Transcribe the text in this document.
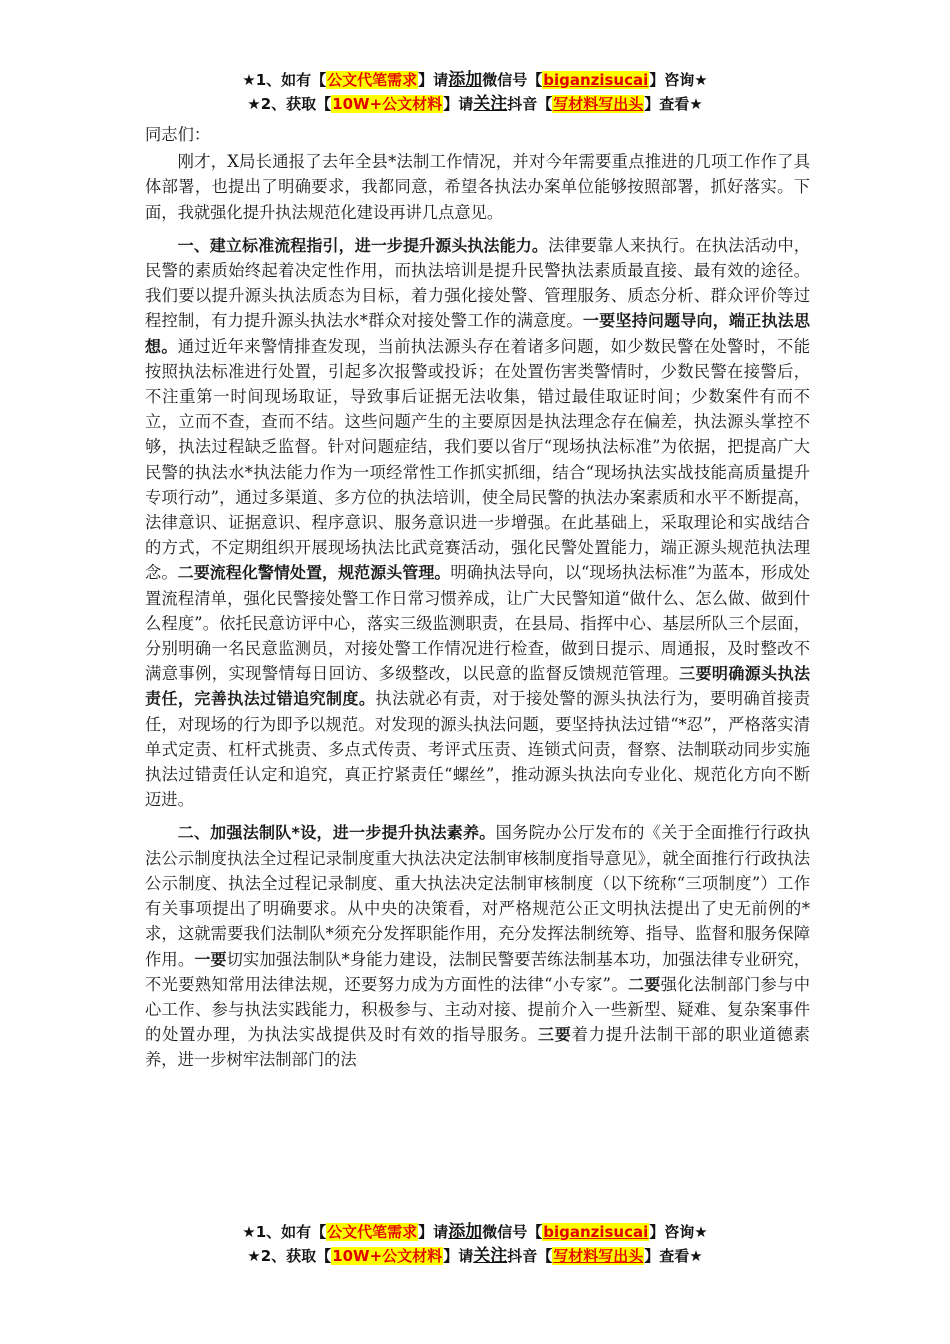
★1、如有【公文代笔需求】请添加微信号【biganzisucai】咨询★
★2、获取【10W+公文材料】请关注抖音【写材料写出头】查看★

同志们：

刚才，X局长通报了去年全县*法制工作情况，并对今年需要重点推进的几项工作作了具体部署，也提出了明确要求，我都同意，希望各执法办案单位能够按照部署，抓好落实。下面，我就强化提升执法规范化建设再讲几点意见。

一、建立标准流程指引，进一步提升源头执法能力。法律要靠人来执行。在执法活动中，民警的素质始终起着决定性作用，而执法培训是提升民警执法素质最直接、最有效的途径。我们要以提升源头执法质态为目标，着力强化接处警、管理服务、质态分析、群众评价等过程控制，有力提升源头执法水*群众对接处警工作的满意度。一要坚持问题导向，端正执法思想。通过近年来警情排查发现，当前执法源头存在着诸多问题，如少数民警在处警时，不能按照执法标准进行处置，引起多次报警或投诉；在处置伤害类警情时，少数民警在接警后，不注重第一时间现场取证，导致事后证据无法收集，错过最佳取证时间；少数案件有而不立，立而不查，查而不结。这些问题产生的主要原因是执法理念存在偏差，执法源头掌控不够，执法过程缺乏监督。针对问题症结，我们要以省厅“现场执法标准”为依据，把提高广大民警的执法水*执法能力作为一项经常性工作抓实抓细，结合“现场执法实战技能高质量提升专项行动”，通过多渠道、多方位的执法培训，使全局民警的执法办案素质和水平不断提高，法律意识、证据意识、程序意识、服务意识进一步增强。在此基础上，采取理论和实战结合的方式，不定期组织开展现场执法比武竞赛活动，强化民警处置能力，端正源头规范执法理念。二要流程化警情处置，规范源头管理。明确执法导向，以“现场执法标准”为蓝本，形成处置流程清单，强化民警接处警工作日常习惯养成，让广大民警知道“做什么、怎么做、做到什么程度”。依托民意访评中心，落实三级监测职责，在县局、指挥中心、基层所队三个层面，分别明确一名民意监测员，对接处警工作情况进行检查，做到日提示、周通报，及时整改不满意事例，实现警情每日回访、多级整改，以民意的监督反馈规范管理。三要明确源头执法责任，完善执法过错追究制度。执法就必有责，对于接处警的源头执法行为，要明确首接责任，对现场的行为即予以规范。对发现的源头执法问题，要坚持执法过错“*忍”，严格落实清单式定责、杠杆式挑责、多点式传责、考评式压责、连锁式问责，督察、法制联动同步实施执法过错责任认定和追究，真正拧紧责任“螺丝”，推动源头执法向专业化、规范化方向不断迈进。

二、加强法制队*设，进一步提升执法素养。国务院办公厅发布的《关于全面推行行政执法公示制度执法全过程记录制度重大执法决定法制审核制度指导意见》，就全面推行行政执法公示制度、执法全过程记录制度、重大执法决定法制审核制度（以下统称“三项制度”）工作有关事项提出了明确要求。从中央的决策看，对严格规范公正文明执法提出了史无前例的*求，这就需要我们法制队*须充分发挥职能作用，充分发挥法制统筹、指导、监督和服务保障作用。一要切实加强法制队*身能力建设，法制民警要苦练法制基本功，加强法律专业研究，不光要熟知常用法律法规，还要努力成为方面性的法律“小专家”。二要强化法制部门参与中心工作、参与执法实践能力，积极参与、主动对接、提前介入一些新型、疑难、复杂案事件的处置办理，为执法实战提供及时有效的指导服务。三要着力提升法制干部的职业道德素养，进一步树牢法制部门的法

★1、如有【公文代笔需求】请添加微信号【biganzisucai】咨询★
★2、获取【10W+公文材料】请关注抖音【写材料写出头】查看★
